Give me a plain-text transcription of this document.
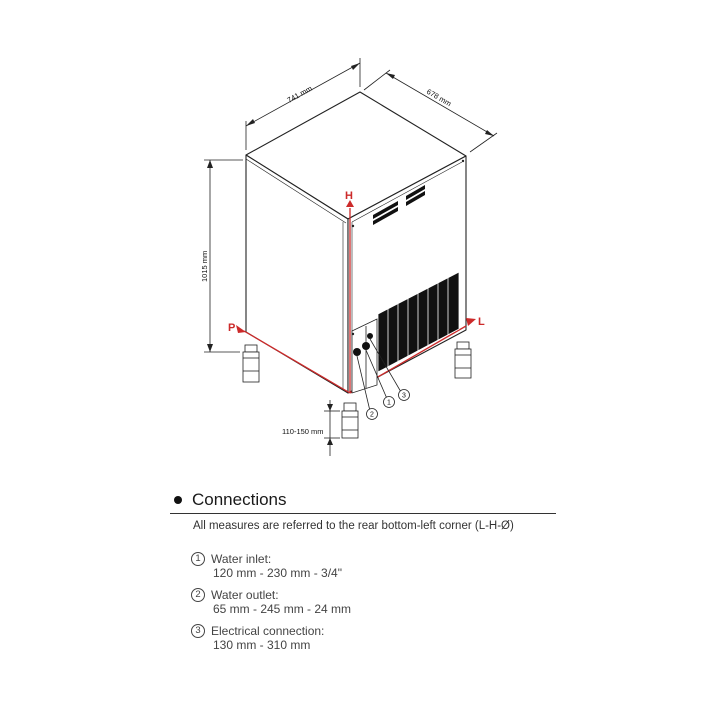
H
P	L
1
2
3
741 mm	678 mm
1015 mm
110-150 mm
Connections
All measures are referred to the rear bottom-left corner (L-H-Ø)
1 Water inlet:
120 mm - 230 mm - 3/4"
2 Water outlet:
65 mm - 245 mm - 24 mm
3 Electrical connection:
130 mm - 310 mm
